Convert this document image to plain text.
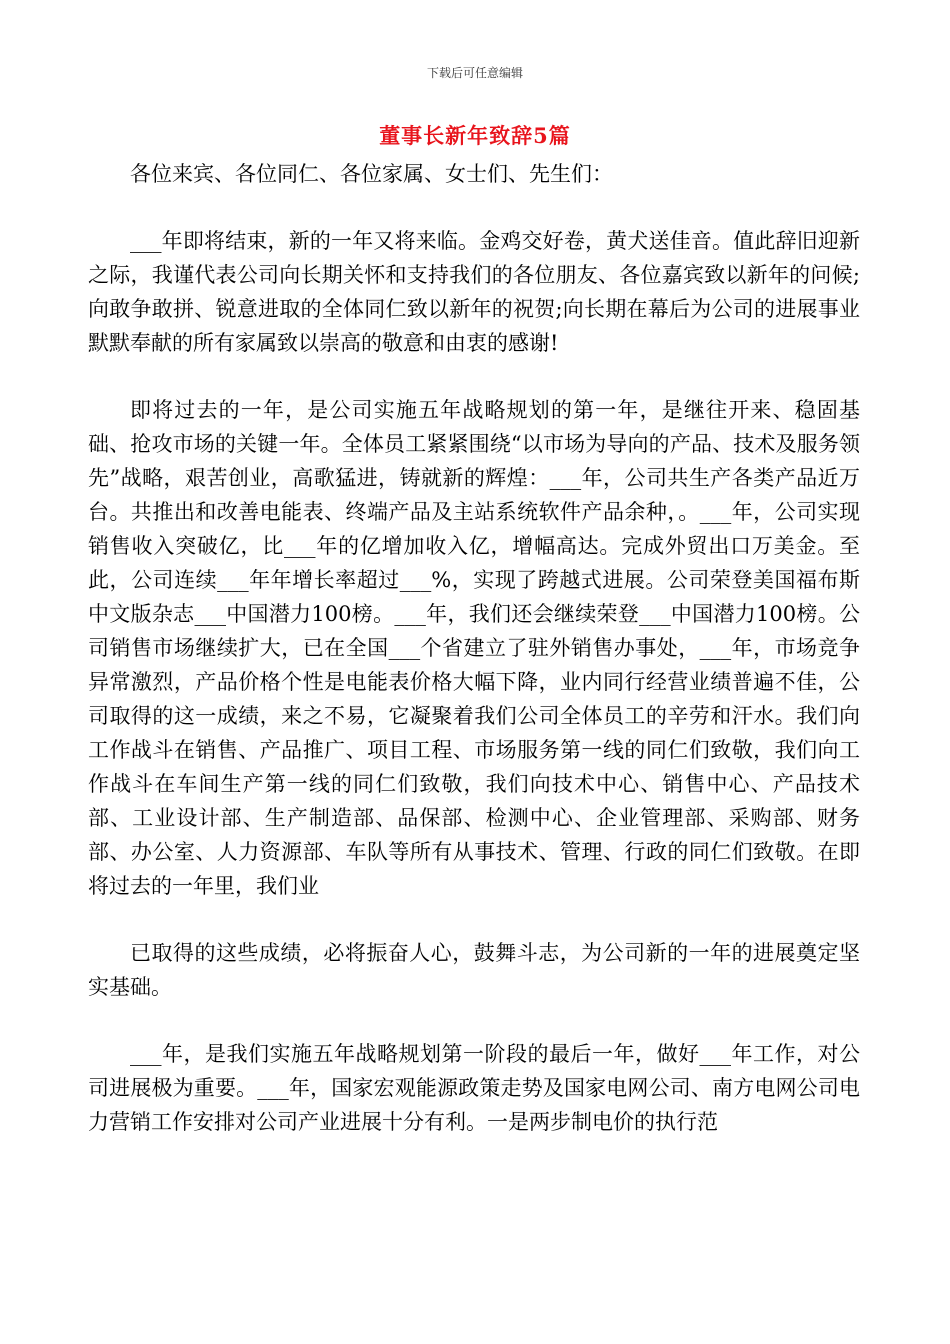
下载后可任意编辑
董事长新年致辞5篇

各位来宾、各位同仁、各位家属、女士们、先生们：

___年即将结束，新的一年又将来临。金鸡交好卷，黄犬送佳音。值此辞旧迎新之际，我谨代表公司向长期关怀和支持我们的各位朋友、各位嘉宾致以新年的问候;向敢争敢拼、锐意进取的全体同仁致以新年的祝贺;向长期在幕后为公司的进展事业默默奉献的所有家属致以崇高的敬意和由衷的感谢!

即将过去的一年，是公司实施五年战略规划的第一年，是继往开来、稳固基础、抢攻市场的关键一年。全体员工紧紧围绕“以市场为导向的产品、技术及服务领先”战略，艰苦创业，高歌猛进，铸就新的辉煌：___年，公司共生产各类产品近万台。共推出和改善电能表、终端产品及主站系统软件产品余种，。___年，公司实现销售收入突破亿，比___年的亿增加收入亿，增幅高达。完成外贸出口万美金。至此，公司连续___年年增长率超过___%，实现了跨越式进展。公司荣登美国福布斯中文版杂志___中国潜力100榜。___年，我们还会继续荣登___中国潜力100榜。公司销售市场继续扩大，已在全国___个省建立了驻外销售办事处，___年，市场竞争异常激烈，产品价格个性是电能表价格大幅下降，业内同行经营业绩普遍不佳，公司取得的这一成绩，来之不易，它凝聚着我们公司全体员工的辛劳和汗水。我们向工作战斗在销售、产品推广、项目工程、市场服务第一线的同仁们致敬，我们向工作战斗在车间生产第一线的同仁们致敬，我们向技术中心、销售中心、产品技术部、工业设计部、生产制造部、品保部、检测中心、企业管理部、采购部、财务部、办公室、人力资源部、车队等所有从事技术、管理、行政的同仁们致敬。在即将过去的一年里，我们业

已取得的这些成绩，必将振奋人心，鼓舞斗志，为公司新的一年的进展奠定坚实基础。

___年，是我们实施五年战略规划第一阶段的最后一年，做好___年工作，对公司进展极为重要。___年，国家宏观能源政策走势及国家电网公司、南方电网公司电力营销工作安排对公司产业进展十分有利。一是两步制电价的执行范
